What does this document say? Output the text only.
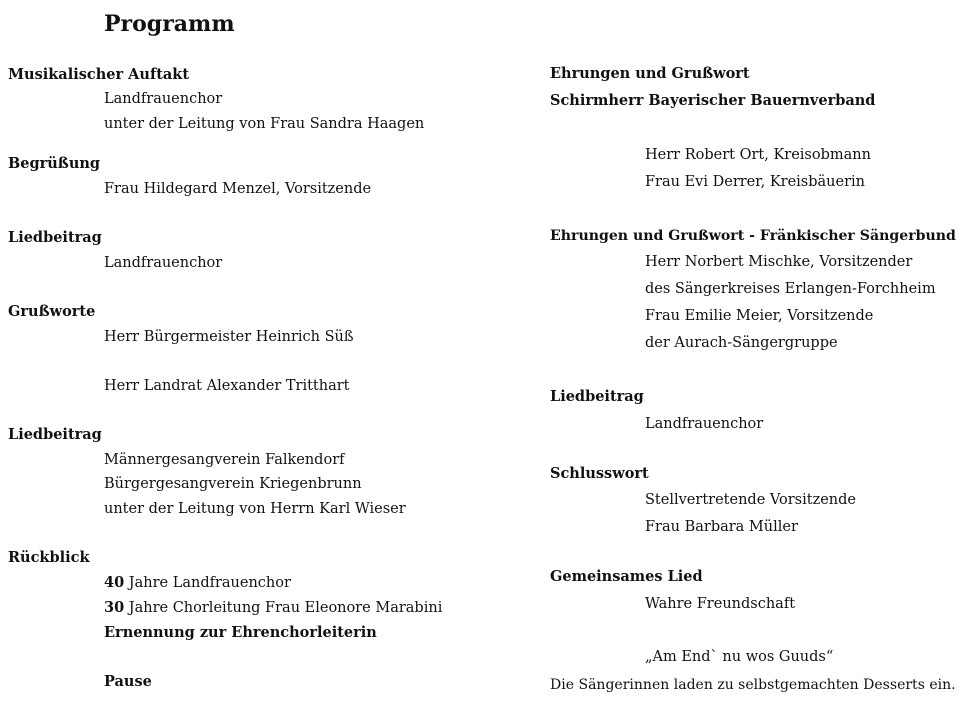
Programm
Musikalischer Auftakt
Landfrauenchor
unter der Leitung von Frau Sandra Haagen
Begrüßung
Frau Hildegard Menzel, Vorsitzende
Liedbeitrag
Landfrauenchor
Grußworte
Herr Bürgermeister Heinrich Süß
Herr Landrat Alexander Tritthart
Liedbeitrag
Männergesangverein Falkendorf
Bürgergesangverein Kriegenbrunn
unter der Leitung von Herrn Karl Wieser
Rückblick
40 Jahre Landfrauenchor
30 Jahre Chorleitung Frau Eleonore Marabini
Ernennung zur Ehrenchorleiterin
Pause
Ehrungen und Grußwort
Schirmherr Bayerischer Bauernverband
Herr Robert Ort, Kreisobmann
Frau Evi Derrer, Kreisbäuerin
Ehrungen und Grußwort - Fränkischer Sängerbund
Herr Norbert Mischke, Vorsitzender
des Sängerkreises Erlangen-Forchheim
Frau Emilie Meier, Vorsitzende
der Aurach-Sängergruppe
Liedbeitrag
Landfrauenchor
Schlusswort
Stellvertretende Vorsitzende
Frau Barbara Müller
Gemeinsames Lied
Wahre Freundschaft
„Am End` nu wos Guuds“
Die Sängerinnen laden zu selbstgemachten Desserts ein.
